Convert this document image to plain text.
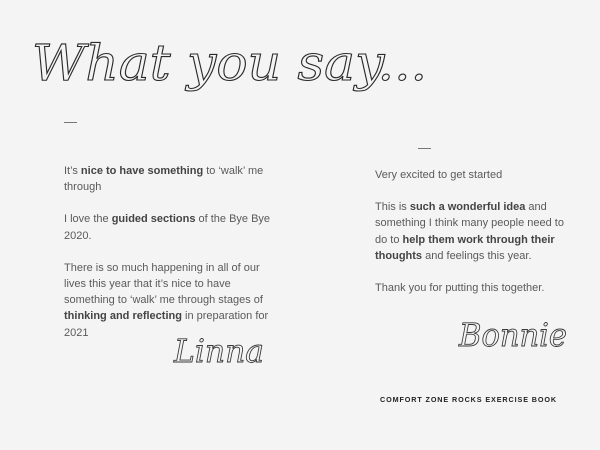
What you say...

It’s nice to have something to ‘walk’ me through

I love the guided sections of the Bye Bye 2020.

There is so much happening in all of our lives this year that it’s nice to have something to ‘walk’ me through stages of thinking and reflecting in preparation for 2021	Linna

Very excited to get started

This is such a wonderful idea and something I think many people need to do to help them work through their thoughts and feelings this year.

Thank you for putting this together.

Bonnie
COMFORT ZONE ROCKS EXERCISE BOOK
